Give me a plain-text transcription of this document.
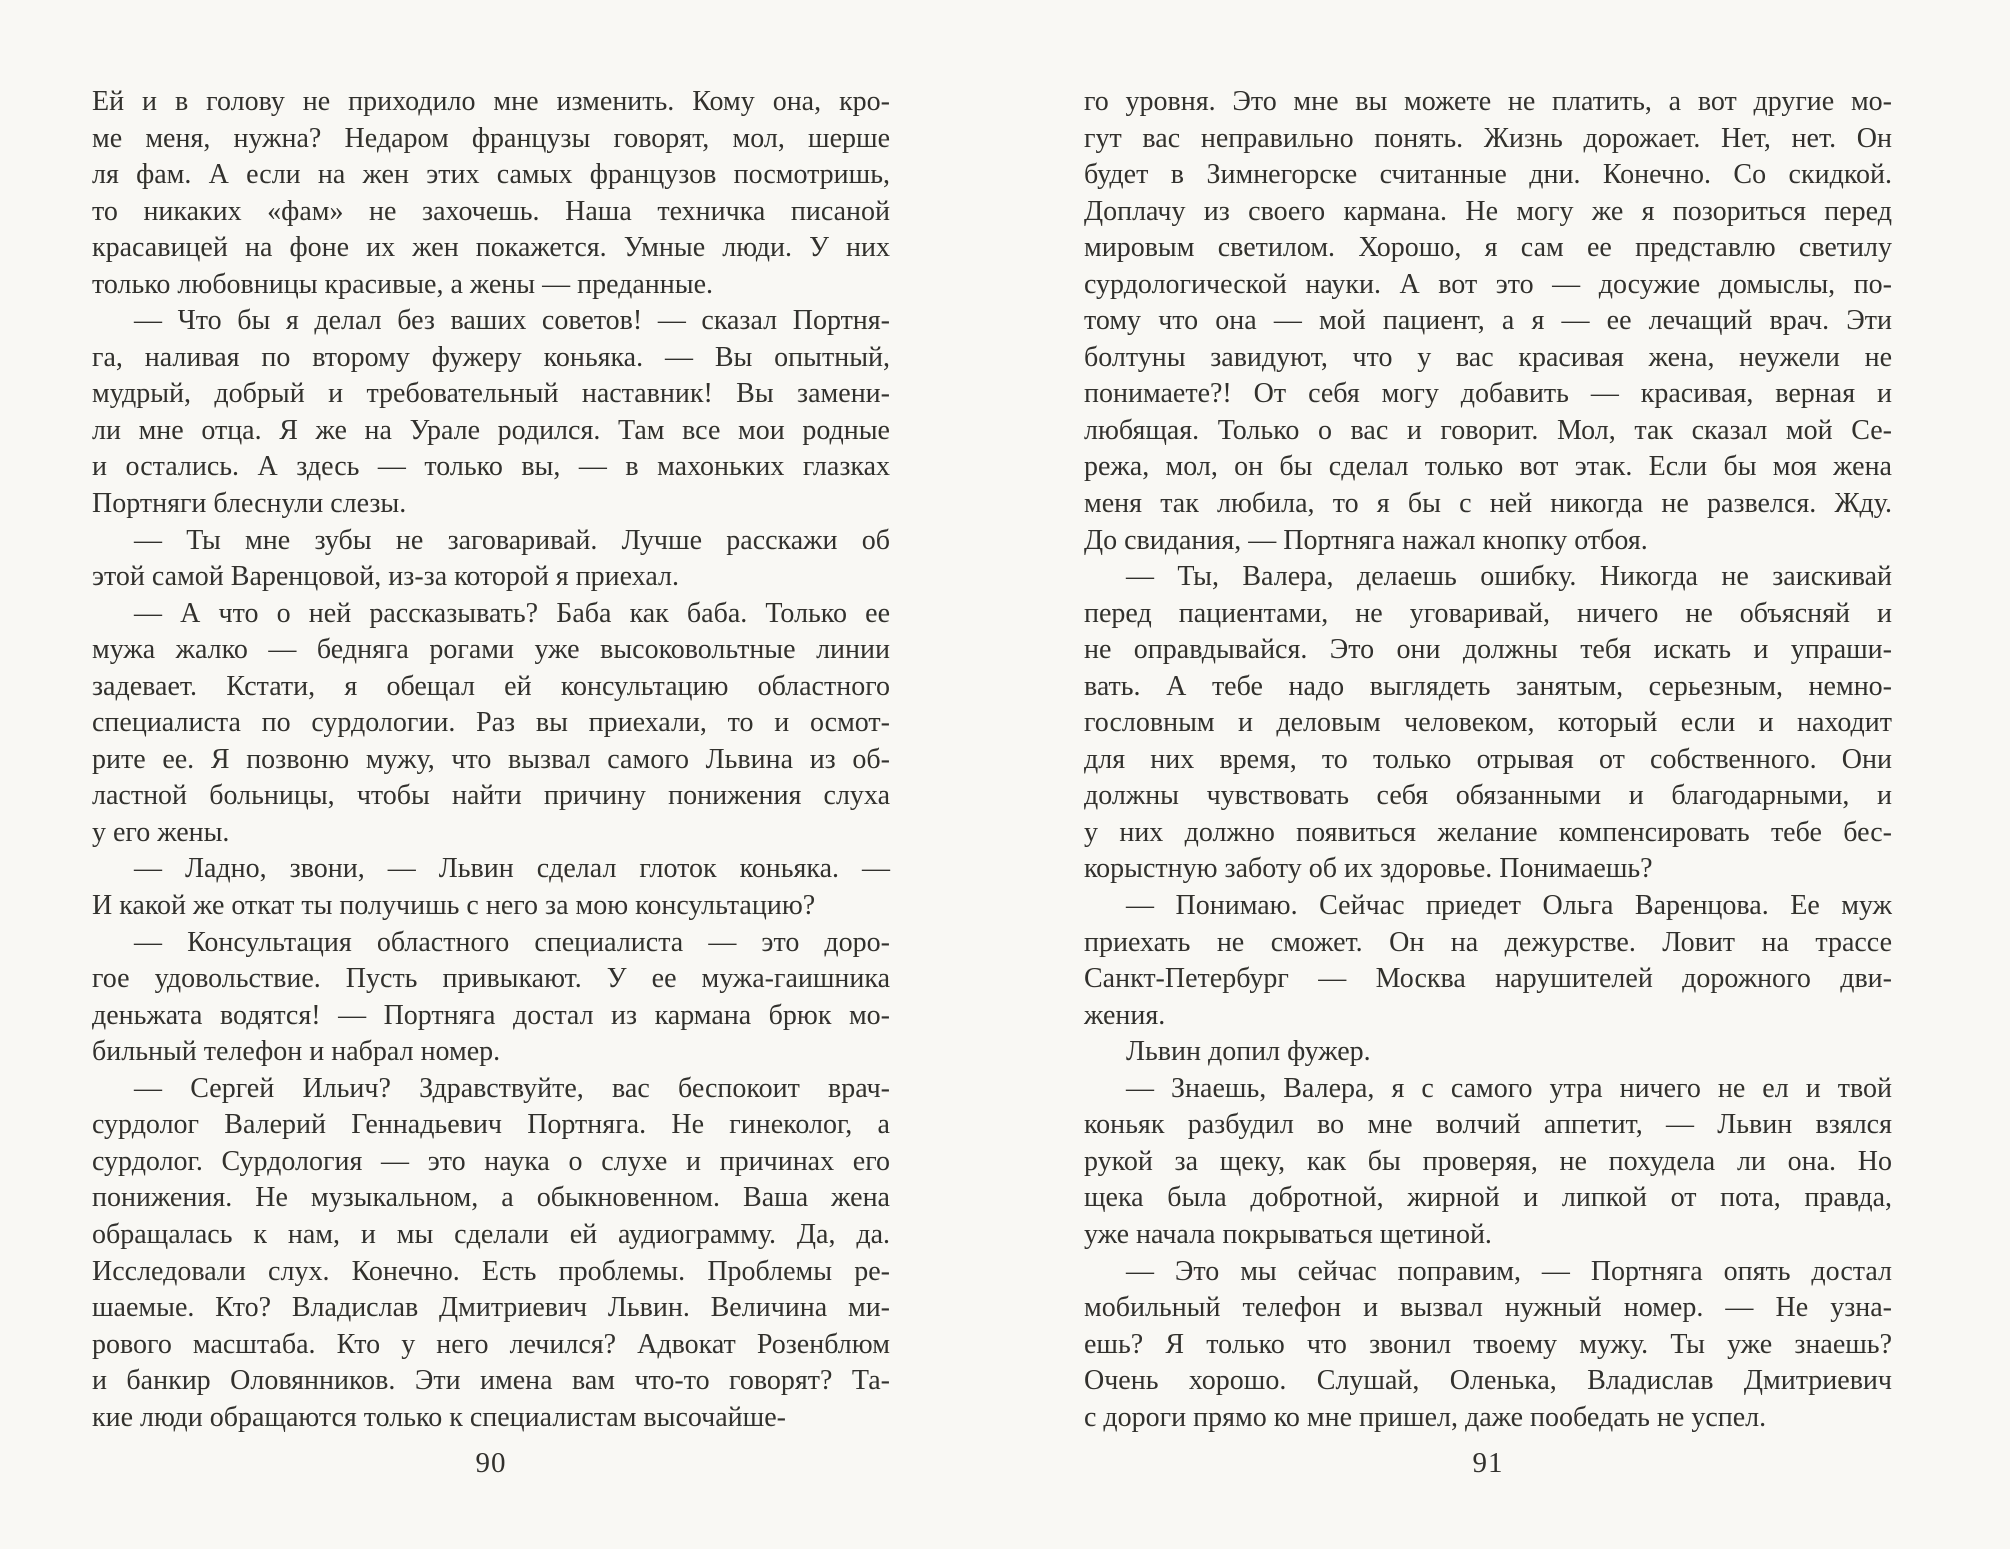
Ей и в голову не приходило мне изменить. Кому она, кро-
ме меня, нужна? Недаром французы говорят, мол, шерше
ля фам. А если на жен этих самых французов посмотришь,
то никаких «фам» не захочешь. Наша техничка писаной
красавицей на фоне их жен покажется. Умные люди. У них
только любовницы красивые, а жены — преданные.
— Что бы я делал без ваших советов! — сказал Портня-
га, наливая по второму фужеру коньяка. — Вы опытный,
мудрый, добрый и требовательный наставник! Вы замени-
ли мне отца. Я же на Урале родился. Там все мои родные
и остались. А здесь — только вы, — в махоньких глазках
Портняги блеснули слезы.
— Ты мне зубы не заговаривай. Лучше расскажи об
этой самой Варенцовой, из-за которой я приехал.
— А что о ней рассказывать? Баба как баба. Только ее
мужа жалко — бедняга рогами уже высоковольтные линии
задевает. Кстати, я обещал ей консультацию областного
специалиста по сурдологии. Раз вы приехали, то и осмот-
рите ее. Я позвоню мужу, что вызвал самого Львина из об-
ластной больницы, чтобы найти причину понижения слуха
у его жены.
— Ладно, звони, — Львин сделал глоток коньяка. —
И какой же откат ты получишь с него за мою консультацию?
— Консультация областного специалиста — это доро-
гое удовольствие. Пусть привыкают. У ее мужа-гаишника
деньжата водятся! — Портняга достал из кармана брюк мо-
бильный телефон и набрал номер.
— Сергей Ильич? Здравствуйте, вас беспокоит врач-
сурдолог Валерий Геннадьевич Портняга. Не гинеколог, а
сурдолог. Сурдология — это наука о слухе и причинах его
понижения. Не музыкальном, а обыкновенном. Ваша жена
обращалась к нам, и мы сделали ей аудиограмму. Да, да.
Исследовали слух. Конечно. Есть проблемы. Проблемы ре-
шаемые. Кто? Владислав Дмитриевич Львин. Величина ми-
рового масштаба. Кто у него лечился? Адвокат Розенблюм
и банкир Оловянников. Эти имена вам что-то говорят? Та-
кие люди обращаются только к специалистам высочайше-
90
го уровня. Это мне вы можете не платить, а вот другие мо-
гут вас неправильно понять. Жизнь дорожает. Нет, нет. Он
будет в Зимнегорске считанные дни. Конечно. Со скидкой.
Доплачу из своего кармана. Не могу же я позориться перед
мировым светилом. Хорошо, я сам ее представлю светилу
сурдологической науки. А вот это — досужие домыслы, по-
тому что она — мой пациент, а я — ее лечащий врач. Эти
болтуны завидуют, что у вас красивая жена, неужели не
понимаете?! От себя могу добавить — красивая, верная и
любящая. Только о вас и говорит. Мол, так сказал мой Се-
режа, мол, он бы сделал только вот этак. Если бы моя жена
меня так любила, то я бы с ней никогда не развелся. Жду.
До свидания, — Портняга нажал кнопку отбоя.
— Ты, Валера, делаешь ошибку. Никогда не заискивай
перед пациентами, не уговаривай, ничего не объясняй и
не оправдывайся. Это они должны тебя искать и упраши-
вать. А тебе надо выглядеть занятым, серьезным, немно-
гословным и деловым человеком, который если и находит
для них время, то только отрывая от собственного. Они
должны чувствовать себя обязанными и благодарными, и
у них должно появиться желание компенсировать тебе бес-
корыстную заботу об их здоровье. Понимаешь?
— Понимаю. Сейчас приедет Ольга Варенцова. Ее муж
приехать не сможет. Он на дежурстве. Ловит на трассе
Санкт-Петербург — Москва нарушителей дорожного дви-
жения.
Львин допил фужер.
— Знаешь, Валера, я с самого утра ничего не ел и твой
коньяк разбудил во мне волчий аппетит, — Львин взялся
рукой за щеку, как бы проверяя, не похудела ли она. Но
щека была добротной, жирной и липкой от пота, правда,
уже начала покрываться щетиной.
— Это мы сейчас поправим, — Портняга опять достал
мобильный телефон и вызвал нужный номер. — Не узна-
ешь? Я только что звонил твоему мужу. Ты уже знаешь?
Очень хорошо. Слушай, Оленька, Владислав Дмитриевич
с дороги прямо ко мне пришел, даже пообедать не успел.
91
